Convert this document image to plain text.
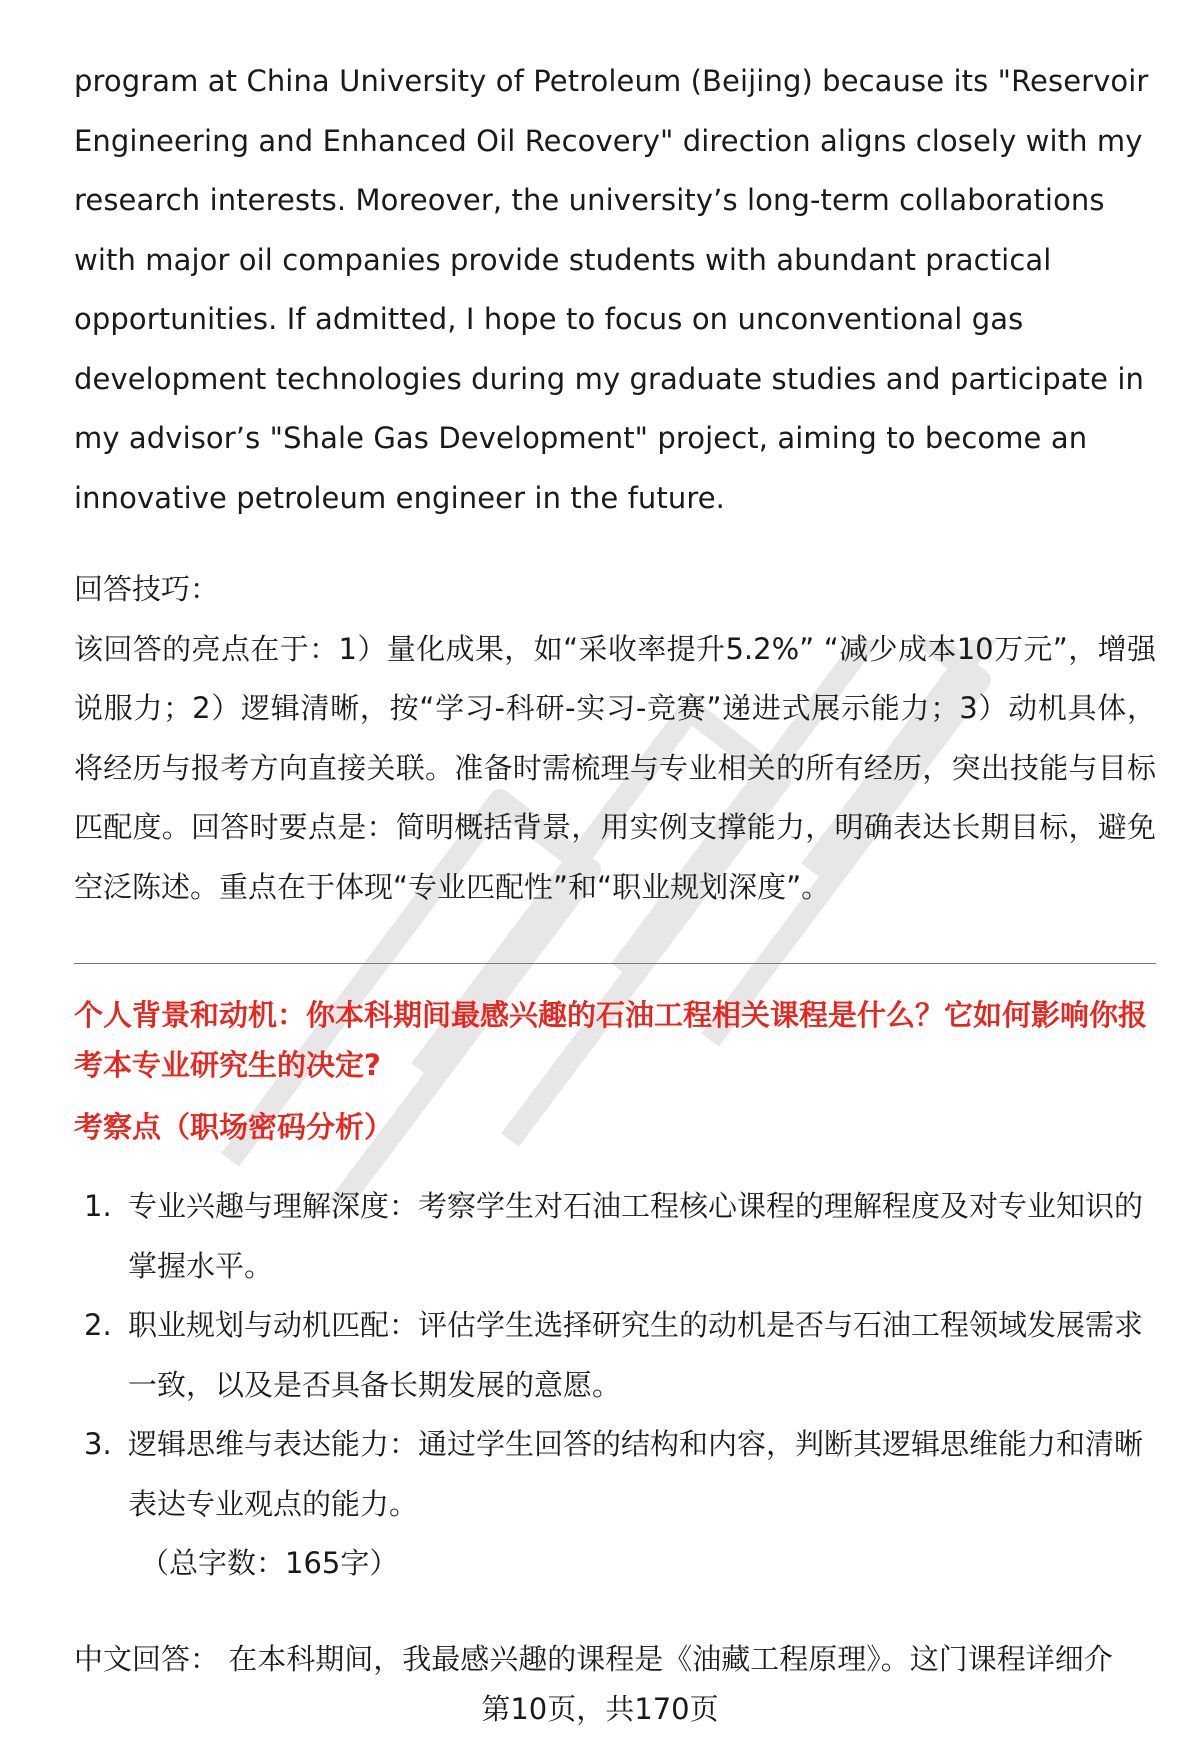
program at China University of Petroleum (Beijing) because its "Reservoir Engineering and Enhanced Oil Recovery" direction aligns closely with my research interests. Moreover, the university’s long-term collaborations with major oil companies provide students with abundant practical opportunities. If admitted, I hope to focus on unconventional gas development technologies during my graduate studies and participate in my advisor’s "Shale Gas Development" project, aiming to become an innovative petroleum engineer in the future.

回答技巧：

该回答的亮点在于：1）量化成果，如“采收率提升5.2%” “减少成本10万元”，增强说服力；2）逻辑清晰，按“学习-科研-实习-竞赛”递进式展示能力；3）动机具体，将经历与报考方向直接关联。准备时需梳理与专业相关的所有经历，突出技能与目标匹配度。回答时要点是：简明概括背景，用实例支撑能力，明确表达长期目标，避免空泛陈述。重点在于体现“专业匹配性”和“职业规划深度”。

个人背景和动机：你本科期间最感兴趣的石油工程相关课程是什么？它如何影响你报考本专业研究生的决定?

考察点（职场密码分析）

1. 专业兴趣与理解深度：考察学生对石油工程核心课程的理解程度及对专业知识的掌握水平。
2. 职业规划与动机匹配：评估学生选择研究生的动机是否与石油工程领域发展需求一致，以及是否具备长期发展的意愿。
3. 逻辑思维与表达能力：通过学生回答的结构和内容，判断其逻辑思维能力和清晰表达专业观点的能力。

（总字数：165字）

中文回答： 在本科期间，我最感兴趣的课程是《油藏工程原理》。这门课程详细介

第10页，共170页
